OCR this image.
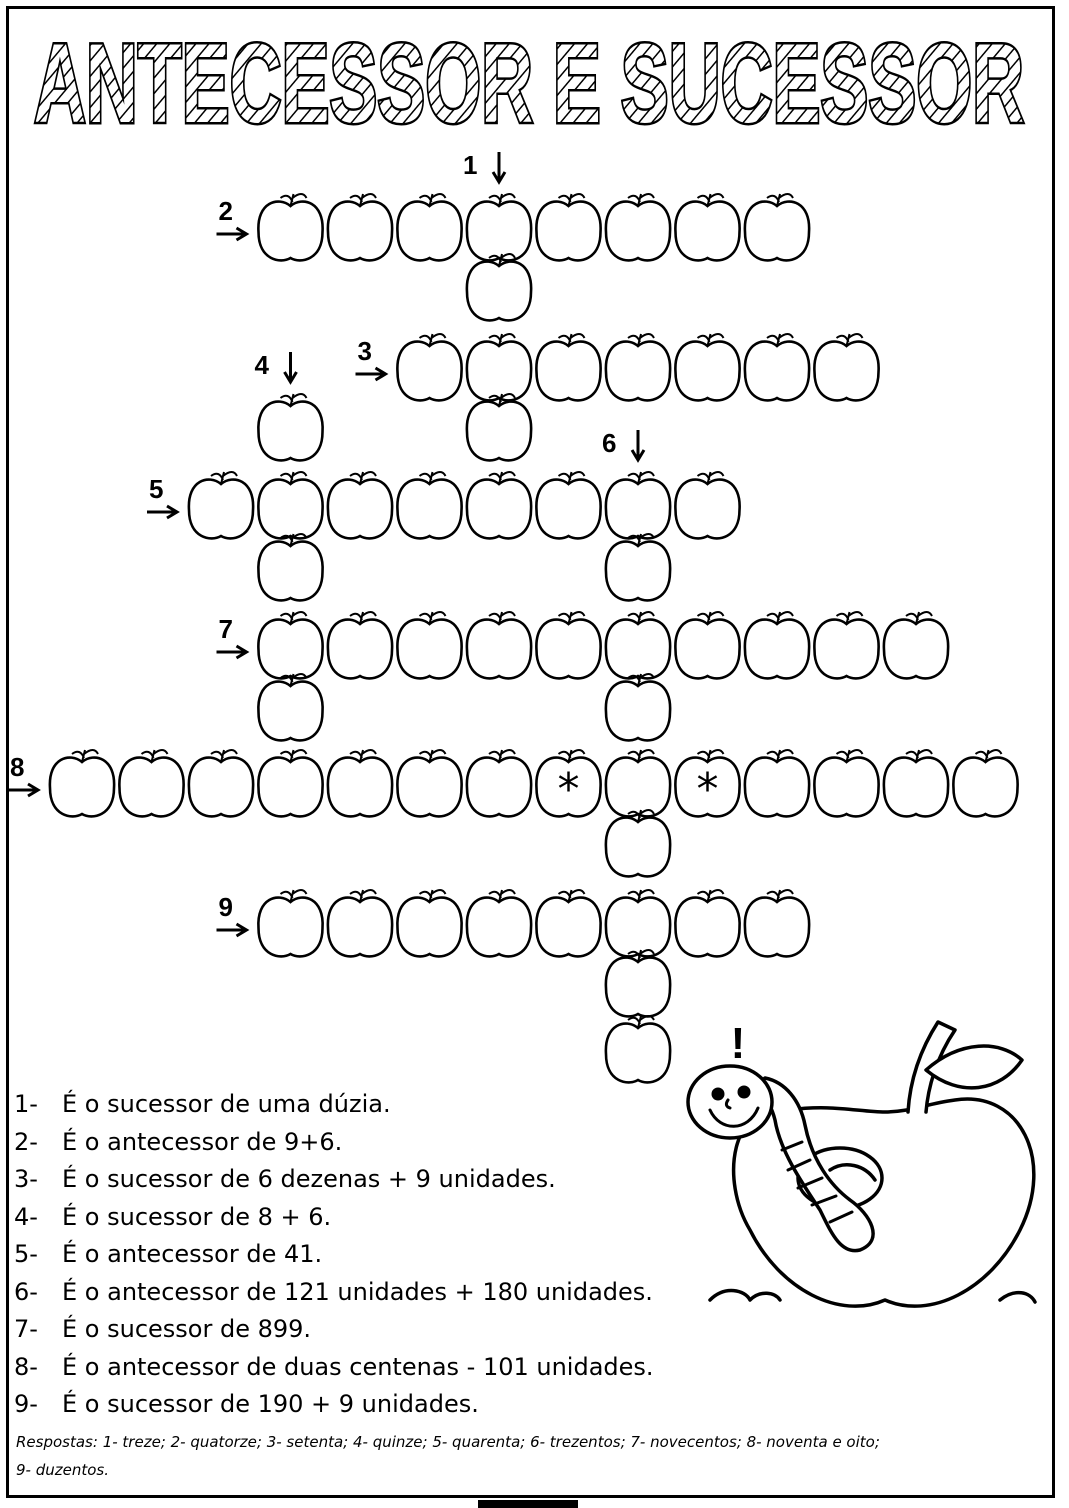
ANTECESSOR E SUCESSOR
*	*
1
2
3
4
5
6
7
8
9
!
1- É o sucessor de uma dúzia.
2- É o antecessor de 9+6.
3- É o sucessor de 6 dezenas + 9 unidades.
4- É o sucessor de 8 + 6.
5- É o antecessor de 41.
6- É o antecessor de 121 unidades + 180 unidades.
7- É o sucessor de 899.
8- É o antecessor de duas centenas - 101 unidades.
9- É o sucessor de 190 + 9 unidades.
Respostas: 1- treze; 2- quatorze; 3- setenta; 4- quinze; 5- quarenta; 6- trezentos; 7- novecentos; 8- noventa e oito;
9- duzentos.
